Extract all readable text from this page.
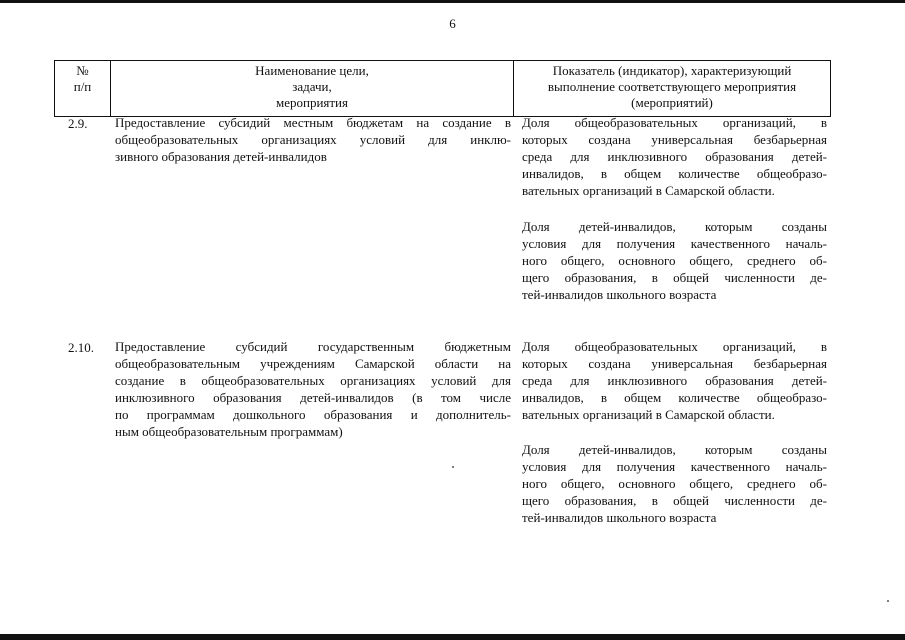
6
№
п/п
Наименование цели,
задачи,
мероприятия
Показатель (индикатор), характеризующий
выполнение соответствующего мероприятия
(мероприятий)
2.9. Предоставление субсидий местным бюджетам на создание в
общеобразовательных организациях условий для инклю-
зивного образования детей-инвалидов
Доля общеобразовательных организаций, в
которых создана универсальная безбарьерная
среда для инклюзивного образования детей-
инвалидов, в общем количестве общеобразо-
вательных организаций в Самарской области.
Доля детей-инвалидов, которым созданы
условия для получения качественного началь-
ного общего, основного общего, среднего об-
щего образования, в общей численности де-
тей-инвалидов школьного возраста
2.10. Предоставление субсидий государственным бюджетным
общеобразовательным учреждениям Самарской области на
создание в общеобразовательных организациях условий для
инклюзивного образования детей-инвалидов (в том числе
по программам дошкольного образования и дополнитель-
ным общеобразовательным программам)
Доля общеобразовательных организаций, в
которых создана универсальная безбарьерная
среда для инклюзивного образования детей-
инвалидов, в общем количестве общеобразо-
вательных организаций в Самарской области.
Доля детей-инвалидов, которым созданы
условия для получения качественного началь-
ного общего, основного общего, среднего об-
щего образования, в общей численности де-
тей-инвалидов школьного возраста
